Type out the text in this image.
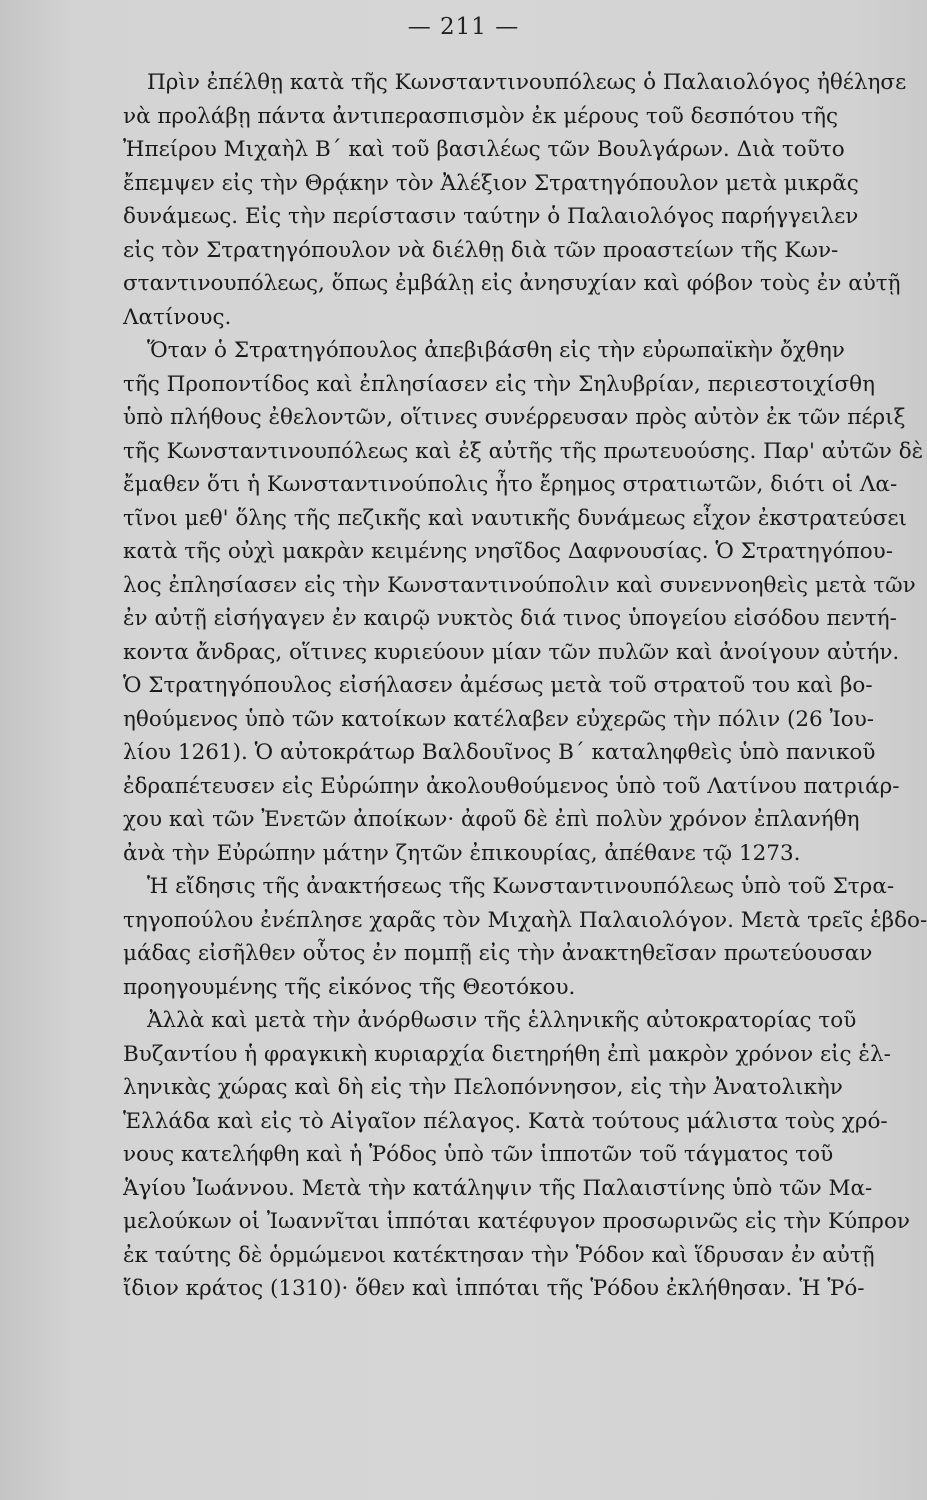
— 211 —
Πρὶν ἐπέλθῃ κατὰ τῆς Κωνσταντινουπόλεως ὁ Παλαιολόγος ἠθέλησε
νὰ προλάβῃ πάντα ἀντιπερασπισμὸν ἐκ μέρους τοῦ δεσπότου τῆς
Ἠπείρου Μιχαὴλ Β΄ καὶ τοῦ βασιλέως τῶν Βουλγάρων. Διὰ τοῦτο
ἔπεμψεν εἰς τὴν Θρᾴκην τὸν Ἀλέξιον Στρατηγόπουλον μετὰ μικρᾶς
δυνάμεως. Εἰς τὴν περίστασιν ταύτην ὁ Παλαιολόγος παρήγγειλεν
εἰς τὸν Στρατηγόπουλον νὰ διέλθῃ διὰ τῶν προαστείων τῆς Κων-
σταντινουπόλεως, ὅπως ἐμβάλῃ εἰς ἀνησυχίαν καὶ φόβον τοὺς ἐν αὐτῇ
Λατίνους.
Ὅταν ὁ Στρατηγόπουλος ἀπεβιβάσθη εἰς τὴν εὐρωπαϊκὴν ὄχθην
τῆς Προποντίδος καὶ ἐπλησίασεν εἰς τὴν Σηλυβρίαν, περιεστοιχίσθη
ὑπὸ πλήθους ἐθελοντῶν, οἵτινες συνέρρευσαν πρὸς αὐτὸν ἐκ τῶν πέριξ
τῆς Κωνσταντινουπόλεως καὶ ἐξ αὐτῆς τῆς πρωτευούσης. Παρ' αὐτῶν δὲ
ἔμαθεν ὅτι ἡ Κωνσταντινούπολις ἦτο ἔρημος στρατιωτῶν, διότι οἱ Λα-
τῖνοι μεθ' ὅλης τῆς πεζικῆς καὶ ναυτικῆς δυνάμεως εἶχον ἐκστρατεύσει
κατὰ τῆς οὐχὶ μακρὰν κειμένης νησῖδος Δαφνουσίας. Ὁ Στρατηγόπου-
λος ἐπλησίασεν εἰς τὴν Κωνσταντινούπολιν καὶ συνεννοηθεὶς μετὰ τῶν
ἐν αὐτῇ εἰσήγαγεν ἐν καιρῷ νυκτὸς διά τινος ὑπογείου εἰσόδου πεντή-
κοντα ἄνδρας, οἵτινες κυριεύουν μίαν τῶν πυλῶν καὶ ἀνοίγουν αὐτήν.
Ὁ Στρατηγόπουλος εἰσήλασεν ἀμέσως μετὰ τοῦ στρατοῦ του καὶ βο-
ηθούμενος ὑπὸ τῶν κατοίκων κατέλαβεν εὐχερῶς τὴν πόλιν (26 Ἰου-
λίου 1261). Ὁ αὐτοκράτωρ Βαλδουῖνος Β΄ καταληφθεὶς ὑπὸ πανικοῦ
ἐδραπέτευσεν εἰς Εὐρώπην ἀκολουθούμενος ὑπὸ τοῦ Λατίνου πατριάρ-
χου καὶ τῶν Ἐνετῶν ἀποίκων· ἀφοῦ δὲ ἐπὶ πολὺν χρόνον ἐπλανήθη
ἀνὰ τὴν Εὐρώπην μάτην ζητῶν ἐπικουρίας, ἀπέθανε τῷ 1273.
Ἡ εἴδησις τῆς ἀνακτήσεως τῆς Κωνσταντινουπόλεως ὑπὸ τοῦ Στρα-
τηγοπούλου ἐνέπλησε χαρᾶς τὸν Μιχαὴλ Παλαιολόγον. Μετὰ τρεῖς ἑβδο-
μάδας εἰσῆλθεν οὗτος ἐν πομπῇ εἰς τὴν ἀνακτηθεῖσαν πρωτεύουσαν
προηγουμένης τῆς εἰκόνος τῆς Θεοτόκου.
Ἀλλὰ καὶ μετὰ τὴν ἀνόρθωσιν τῆς ἑλληνικῆς αὐτοκρατορίας τοῦ
Βυζαντίου ἡ φραγκικὴ κυριαρχία διετηρήθη ἐπὶ μακρὸν χρόνον εἰς ἑλ-
ληνικὰς χώρας καὶ δὴ εἰς τὴν Πελοπόννησον, εἰς τὴν Ἀνατολικὴν
Ἑλλάδα καὶ εἰς τὸ Αἰγαῖον πέλαγος. Κατὰ τούτους μάλιστα τοὺς χρό-
νους κατελήφθη καὶ ἡ Ῥόδος ὑπὸ τῶν ἱπποτῶν τοῦ τάγματος τοῦ
Ἁγίου Ἰωάννου. Μετὰ τὴν κατάληψιν τῆς Παλαιστίνης ὑπὸ τῶν Μα-
μελούκων οἱ Ἰωαννῖται ἱππόται κατέφυγον προσωρινῶς εἰς τὴν Κύπρον
ἐκ ταύτης δὲ ὁρμώμενοι κατέκτησαν τὴν Ῥόδον καὶ ἵδρυσαν ἐν αὐτῇ
ἴδιον κράτος (1310)· ὅθεν καὶ ἱππόται τῆς Ῥόδου ἐκλήθησαν. Ἡ Ῥό-
